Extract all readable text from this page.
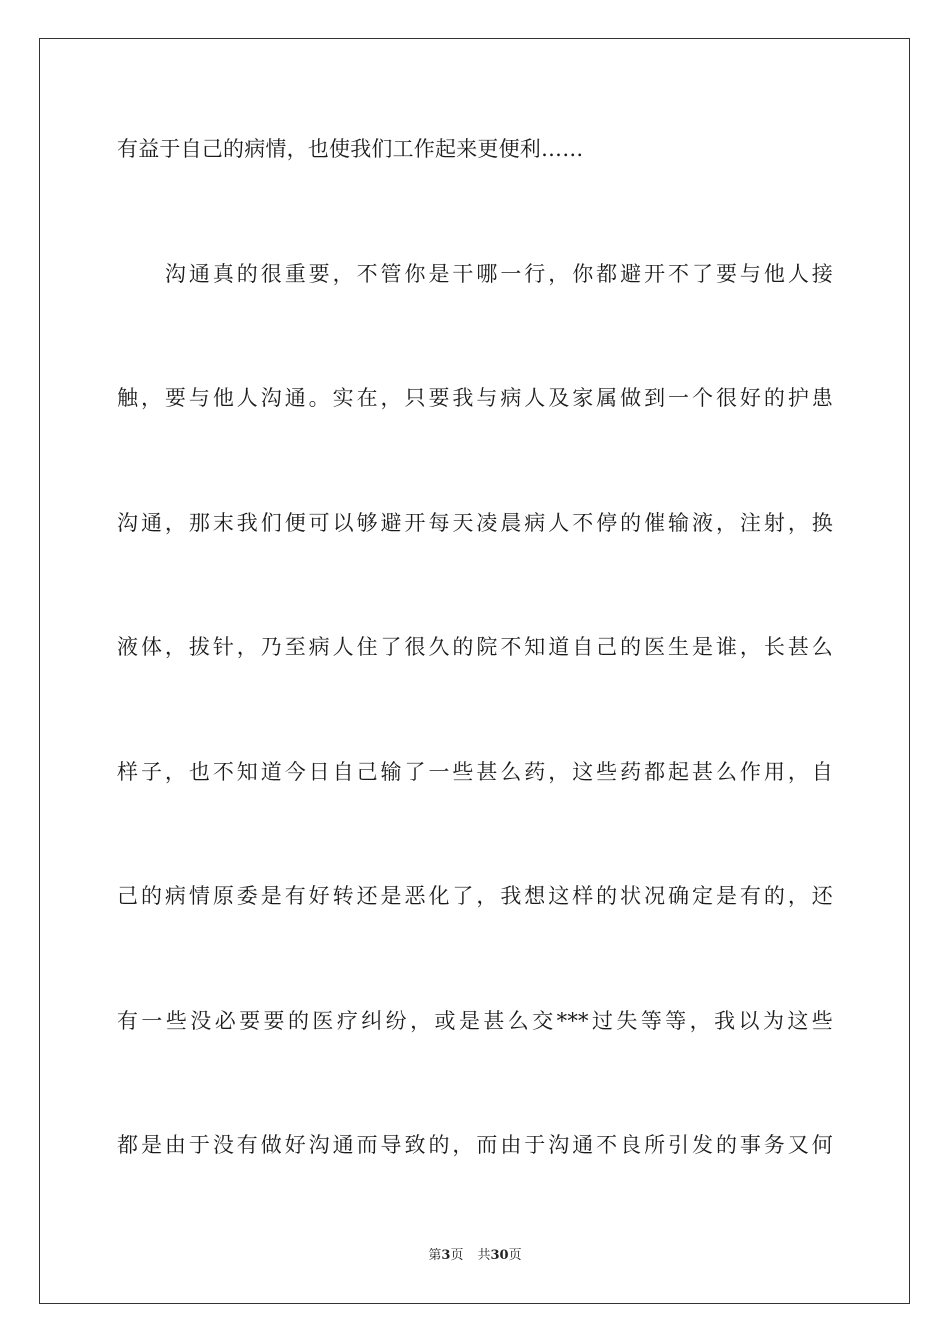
有益于自己的病情，也使我们工作起来更便利……
　　沟通真的很重要，不管你是干哪一行，你都避开不了要与他人接
触，要与他人沟通。实在，只要我与病人及家属做到一个很好的护患
沟通，那末我们便可以够避开每天凌晨病人不停的催输液，注射，换
液体，拔针，乃至病人住了很久的院不知道自己的医生是谁，长甚么
样子，也不知道今日自己输了一些甚么药，这些药都起甚么作用，自
己的病情原委是有好转还是恶化了，我想这样的状况确定是有的，还
有一些没必要要的医疗纠纷，或是甚么交***过失等等，我以为这些
都是由于没有做好沟通而导致的，而由于沟通不良所引发的事务又何
第3页 共30页
